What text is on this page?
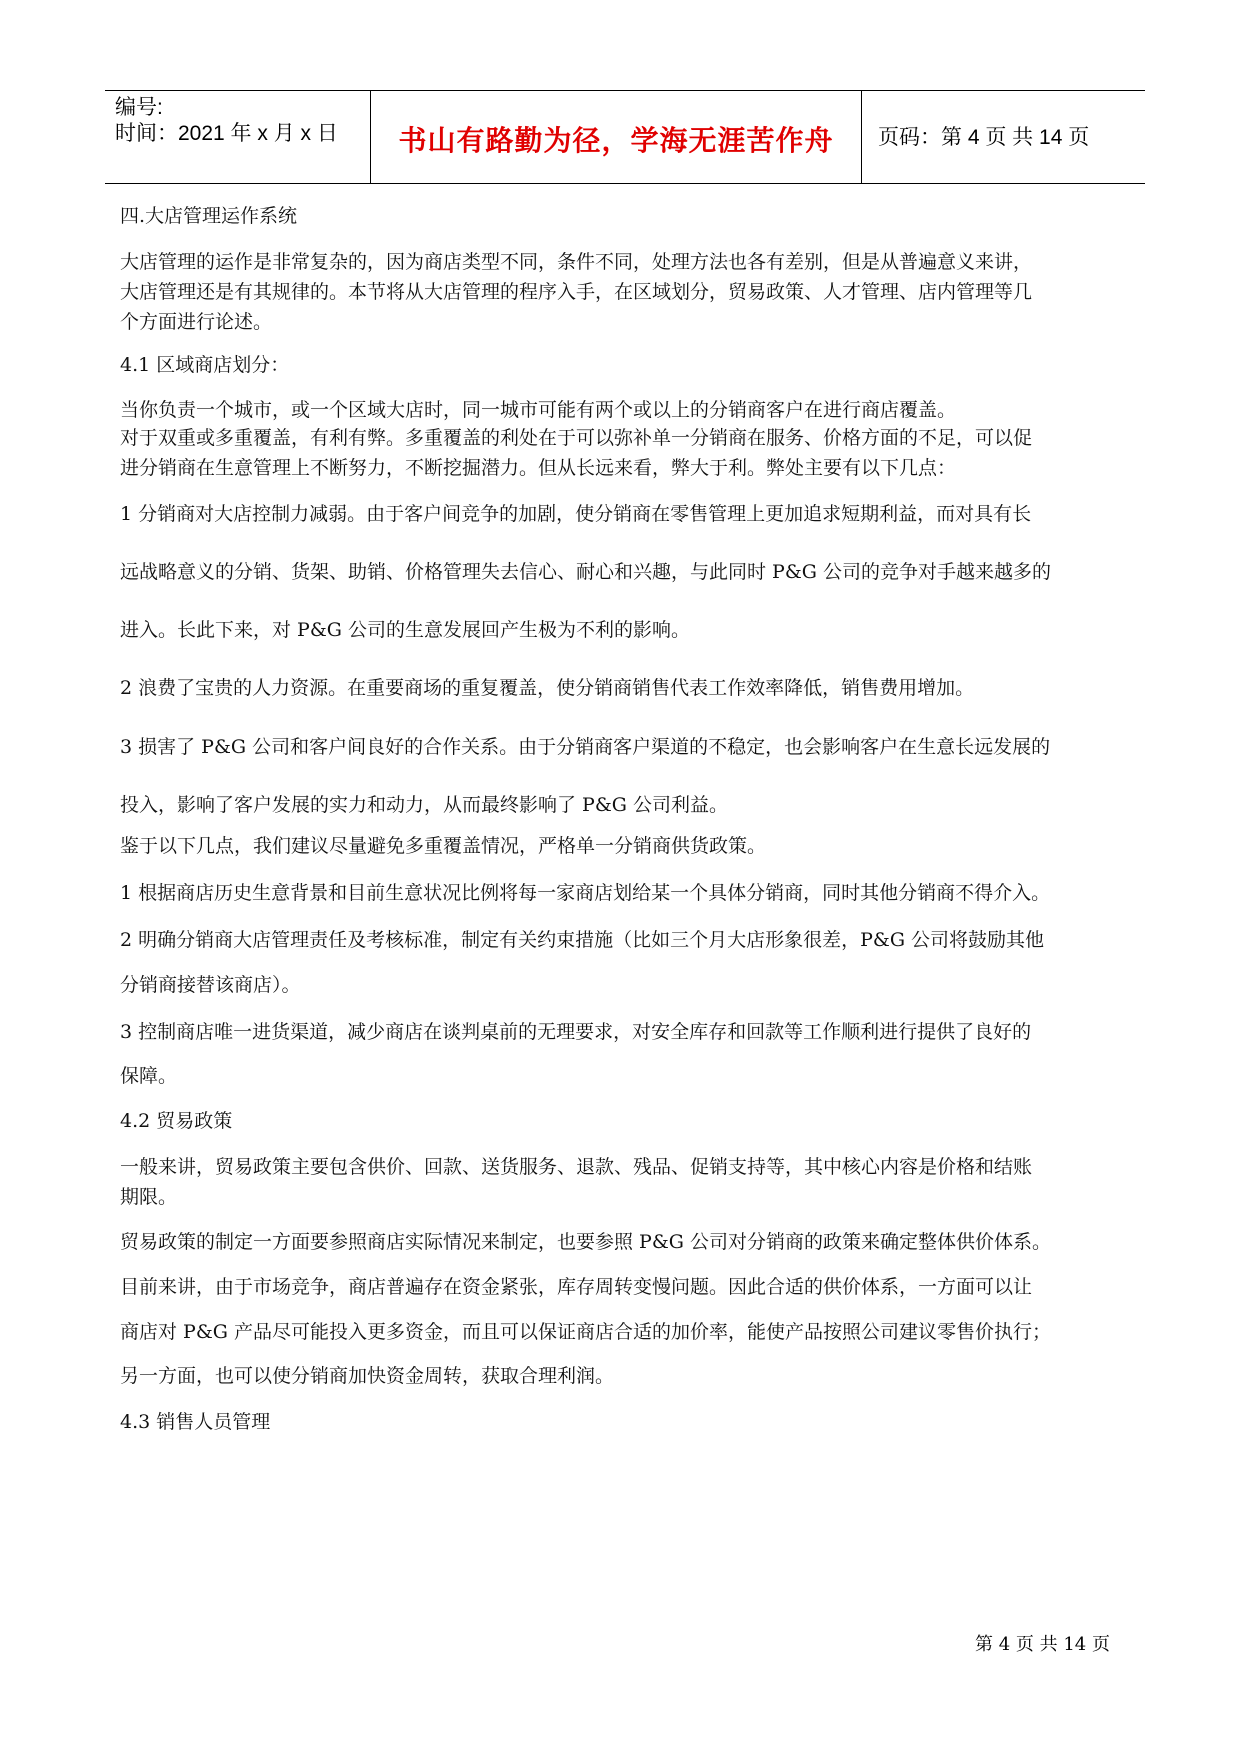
编号:
时间：2021 年 x 月 x 日	书山有路勤为径，学海无涯苦作舟	页码：第 4 页 共 14 页
四.大店管理运作系统
大店管理的运作是非常复杂的，因为商店类型不同，条件不同，处理方法也各有差别，但是从普遍意义来讲，
大店管理还是有其规律的。本节将从大店管理的程序入手，在区域划分，贸易政策、人才管理、店内管理等几
个方面进行论述。
4.1 区域商店划分：
当你负责一个城市，或一个区域大店时，同一城市可能有两个或以上的分销商客户在进行商店覆盖。
对于双重或多重覆盖，有利有弊。多重覆盖的利处在于可以弥补单一分销商在服务、价格方面的不足，可以促
进分销商在生意管理上不断努力，不断挖掘潜力。但从长远来看，弊大于利。弊处主要有以下几点：
1 分销商对大店控制力减弱。由于客户间竞争的加剧，使分销商在零售管理上更加追求短期利益，而对具有长
远战略意义的分销、货架、助销、价格管理失去信心、耐心和兴趣，与此同时 P&G 公司的竞争对手越来越多的
进入。长此下来，对 P&G 公司的生意发展回产生极为不利的影响。
2 浪费了宝贵的人力资源。在重要商场的重复覆盖，使分销商销售代表工作效率降低，销售费用增加。
3 损害了 P&G 公司和客户间良好的合作关系。由于分销商客户渠道的不稳定，也会影响客户在生意长远发展的
投入，影响了客户发展的实力和动力，从而最终影响了 P&G 公司利益。
鉴于以下几点，我们建议尽量避免多重覆盖情况，严格单一分销商供货政策。
1 根据商店历史生意背景和目前生意状况比例将每一家商店划给某一个具体分销商，同时其他分销商不得介入。
2 明确分销商大店管理责任及考核标准，制定有关约束措施（比如三个月大店形象很差，P&G 公司将鼓励其他
分销商接替该商店）。
3 控制商店唯一进货渠道，减少商店在谈判桌前的无理要求，对安全库存和回款等工作顺利进行提供了良好的
保障。
4.2 贸易政策
一般来讲，贸易政策主要包含供价、回款、送货服务、退款、残品、促销支持等，其中核心内容是价格和结账
期限。
贸易政策的制定一方面要参照商店实际情况来制定，也要参照 P&G 公司对分销商的政策来确定整体供价体系。
目前来讲，由于市场竞争，商店普遍存在资金紧张，库存周转变慢问题。因此合适的供价体系，一方面可以让
商店对 P&G 产品尽可能投入更多资金，而且可以保证商店合适的加价率，能使产品按照公司建议零售价执行；
另一方面，也可以使分销商加快资金周转，获取合理利润。
4.3 销售人员管理
第 4 页 共 14 页
